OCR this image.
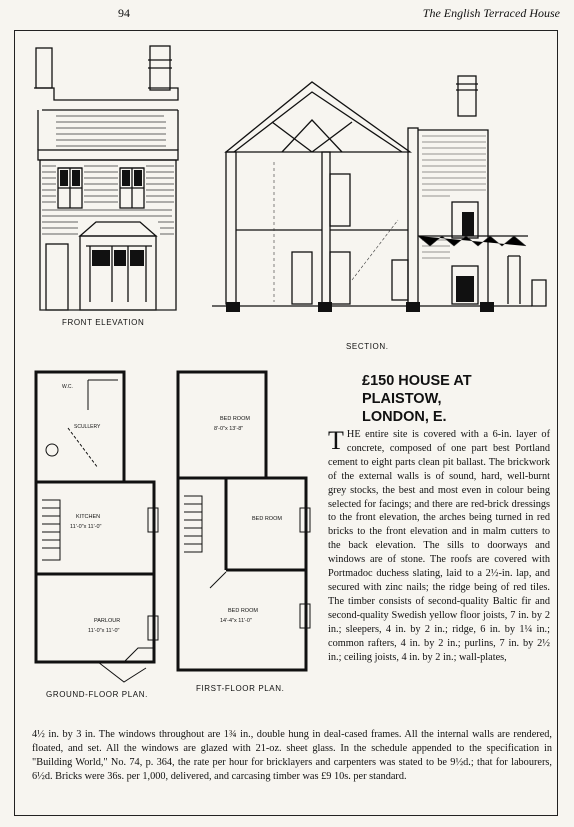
94	The English Terraced House
FRONT ELEVATION
SECTION.
W.C.
SCULLERY
KITCHEN
11'-0"x 11'-0"
PARLOUR
11'-0"x 11'-0"
GROUND-FLOOR PLAN.
BED ROOM
8'-0"x 13'-8"
BED ROOM
BED ROOM
14'-4"x 11'-0"
FIRST-FLOOR PLAN.
£150 HOUSE AT
PLAISTOW,
LONDON, E.
THE entire site is covered with a 6-in. layer of concrete, composed of one part best Portland cement to eight parts clean pit ballast. The brickwork of the external walls is of sound, hard, well-burnt grey stocks, the best and most even in colour being selected for facings; and there are red-brick dressings to the front elevation, the arches being turned in red bricks to the front elevation and in malm cutters to the back elevation. The sills to doorways and windows are of stone. The roofs are covered with Portmadoc duchess slating, laid to a 2½-in. lap, and secured with zinc nails; the ridge being of red tiles. The timber consists of second-quality Baltic fir and second-quality Swedish yellow floor joists, 7 in. by 2 in.; sleepers, 4 in. by 2 in.; ridge, 6 in. by 1¼ in.; common rafters, 4 in. by 2 in.; purlins, 7 in. by 2½ in.; ceiling joists, 4 in. by 2 in.; wall-plates,
4½ in. by 3 in. The windows throughout are 1¾ in., double hung in deal-cased frames. All the internal walls are rendered, floated, and set. All the windows are glazed with 21-oz. sheet glass. In the schedule appended to the specification in "Building World," No. 74, p. 364, the rate per hour for bricklayers and carpenters was stated to be 9½d.; that for labourers, 6½d. Bricks were 36s. per 1,000, delivered, and carcasing timber was £9 10s. per standard.
